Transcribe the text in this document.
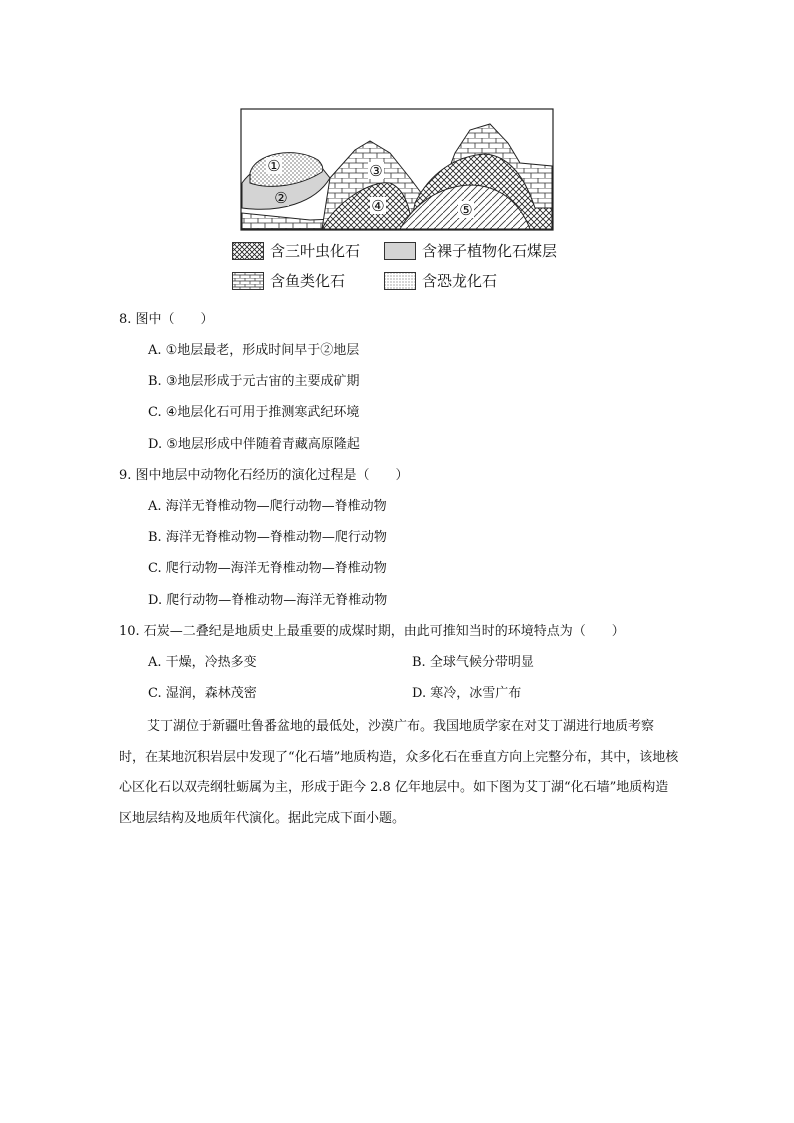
①
②
③
④	⑤
含三叶虫化石	含裸子植物化石煤层
含鱼类化石	含恐龙化石
8. 图中（　　）
A. ①地层最老，形成时间早于②地层
B. ③地层形成于元古宙的主要成矿期
C. ④地层化石可用于推测寒武纪环境
D. ⑤地层形成中伴随着青藏高原隆起
9. 图中地层中动物化石经历的演化过程是（　　）
A. 海洋无脊椎动物—爬行动物—脊椎动物
B. 海洋无脊椎动物—脊椎动物—爬行动物
C. 爬行动物—海洋无脊椎动物—脊椎动物
D. 爬行动物—脊椎动物—海洋无脊椎动物
10. 石炭—二叠纪是地质史上最重要的成煤时期，由此可推知当时的环境特点为（　　）
A. 干燥，冷热多变	B. 全球气候分带明显
C. 湿润，森林茂密	D. 寒冷，冰雪广布

艾丁湖位于新疆吐鲁番盆地的最低处，沙漠广布。我国地质学家在对艾丁湖进行地质考察时，在某地沉积岩层中发现了“化石墙”地质构造，众多化石在垂直方向上完整分布，其中，该地核心区化石以双壳纲牡蛎属为主，形成于距今 2.8 亿年地层中。如下图为艾丁湖“化石墙”地质构造区地层结构及地质年代演化。据此完成下面小题。
